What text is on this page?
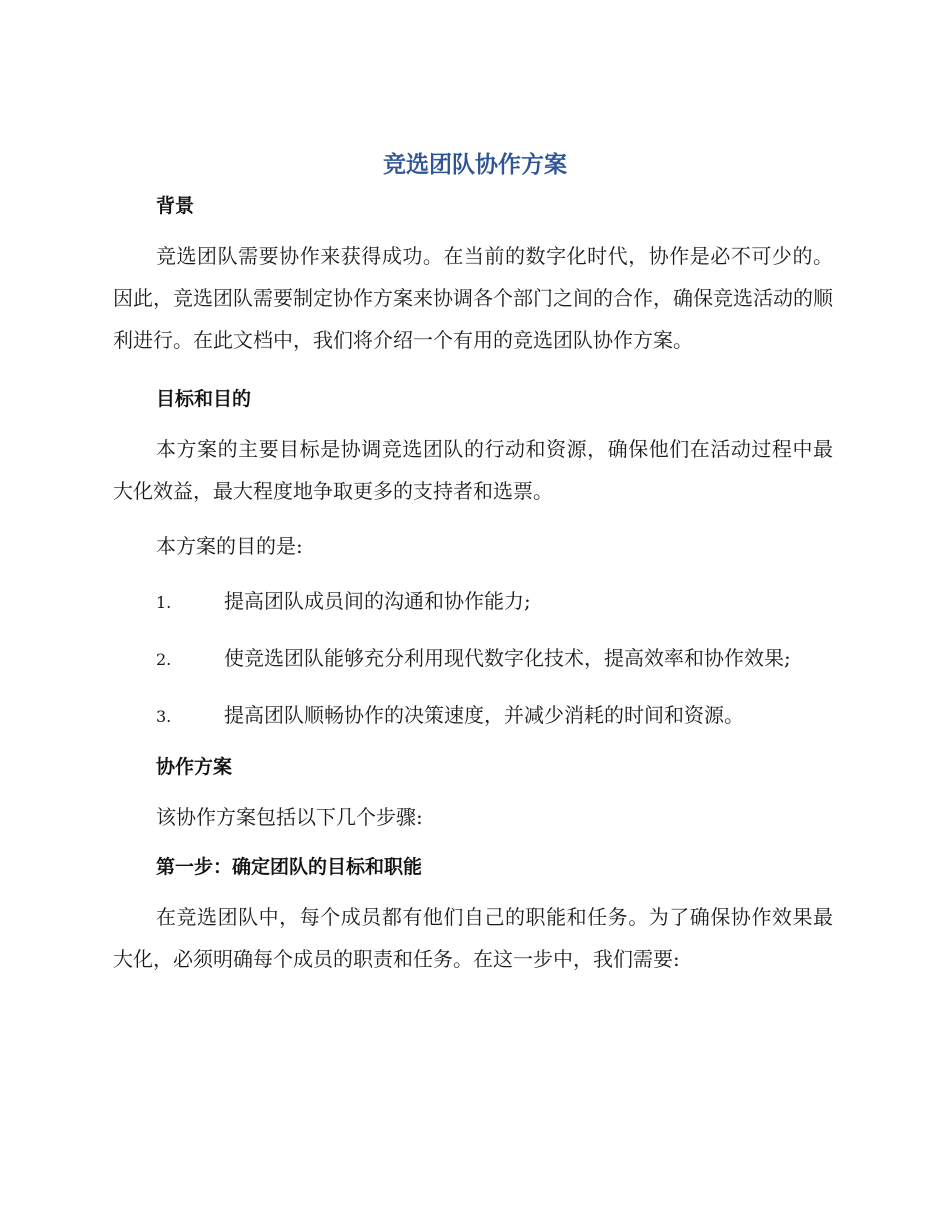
竞选团队协作方案

背景

竞选团队需要协作来获得成功。在当前的数字化时代，协作是必不可少的。因此，竞选团队需要制定协作方案来协调各个部门之间的合作，确保竞选活动的顺利进行。在此文档中，我们将介绍一个有用的竞选团队协作方案。

目标和目的

本方案的主要目标是协调竞选团队的行动和资源，确保他们在活动过程中最大化效益，最大程度地争取更多的支持者和选票。

本方案的目的是:

1.	提高团队成员间的沟通和协作能力;

2.	使竞选团队能够充分利用现代数字化技术，提高效率和协作效果;

3.	提高团队顺畅协作的决策速度，并减少消耗的时间和资源。

协作方案

该协作方案包括以下几个步骤:

第一步：确定团队的目标和职能

在竞选团队中，每个成员都有他们自己的职能和任务。为了确保协作效果最大化，必须明确每个成员的职责和任务。在这一步中，我们需要:
